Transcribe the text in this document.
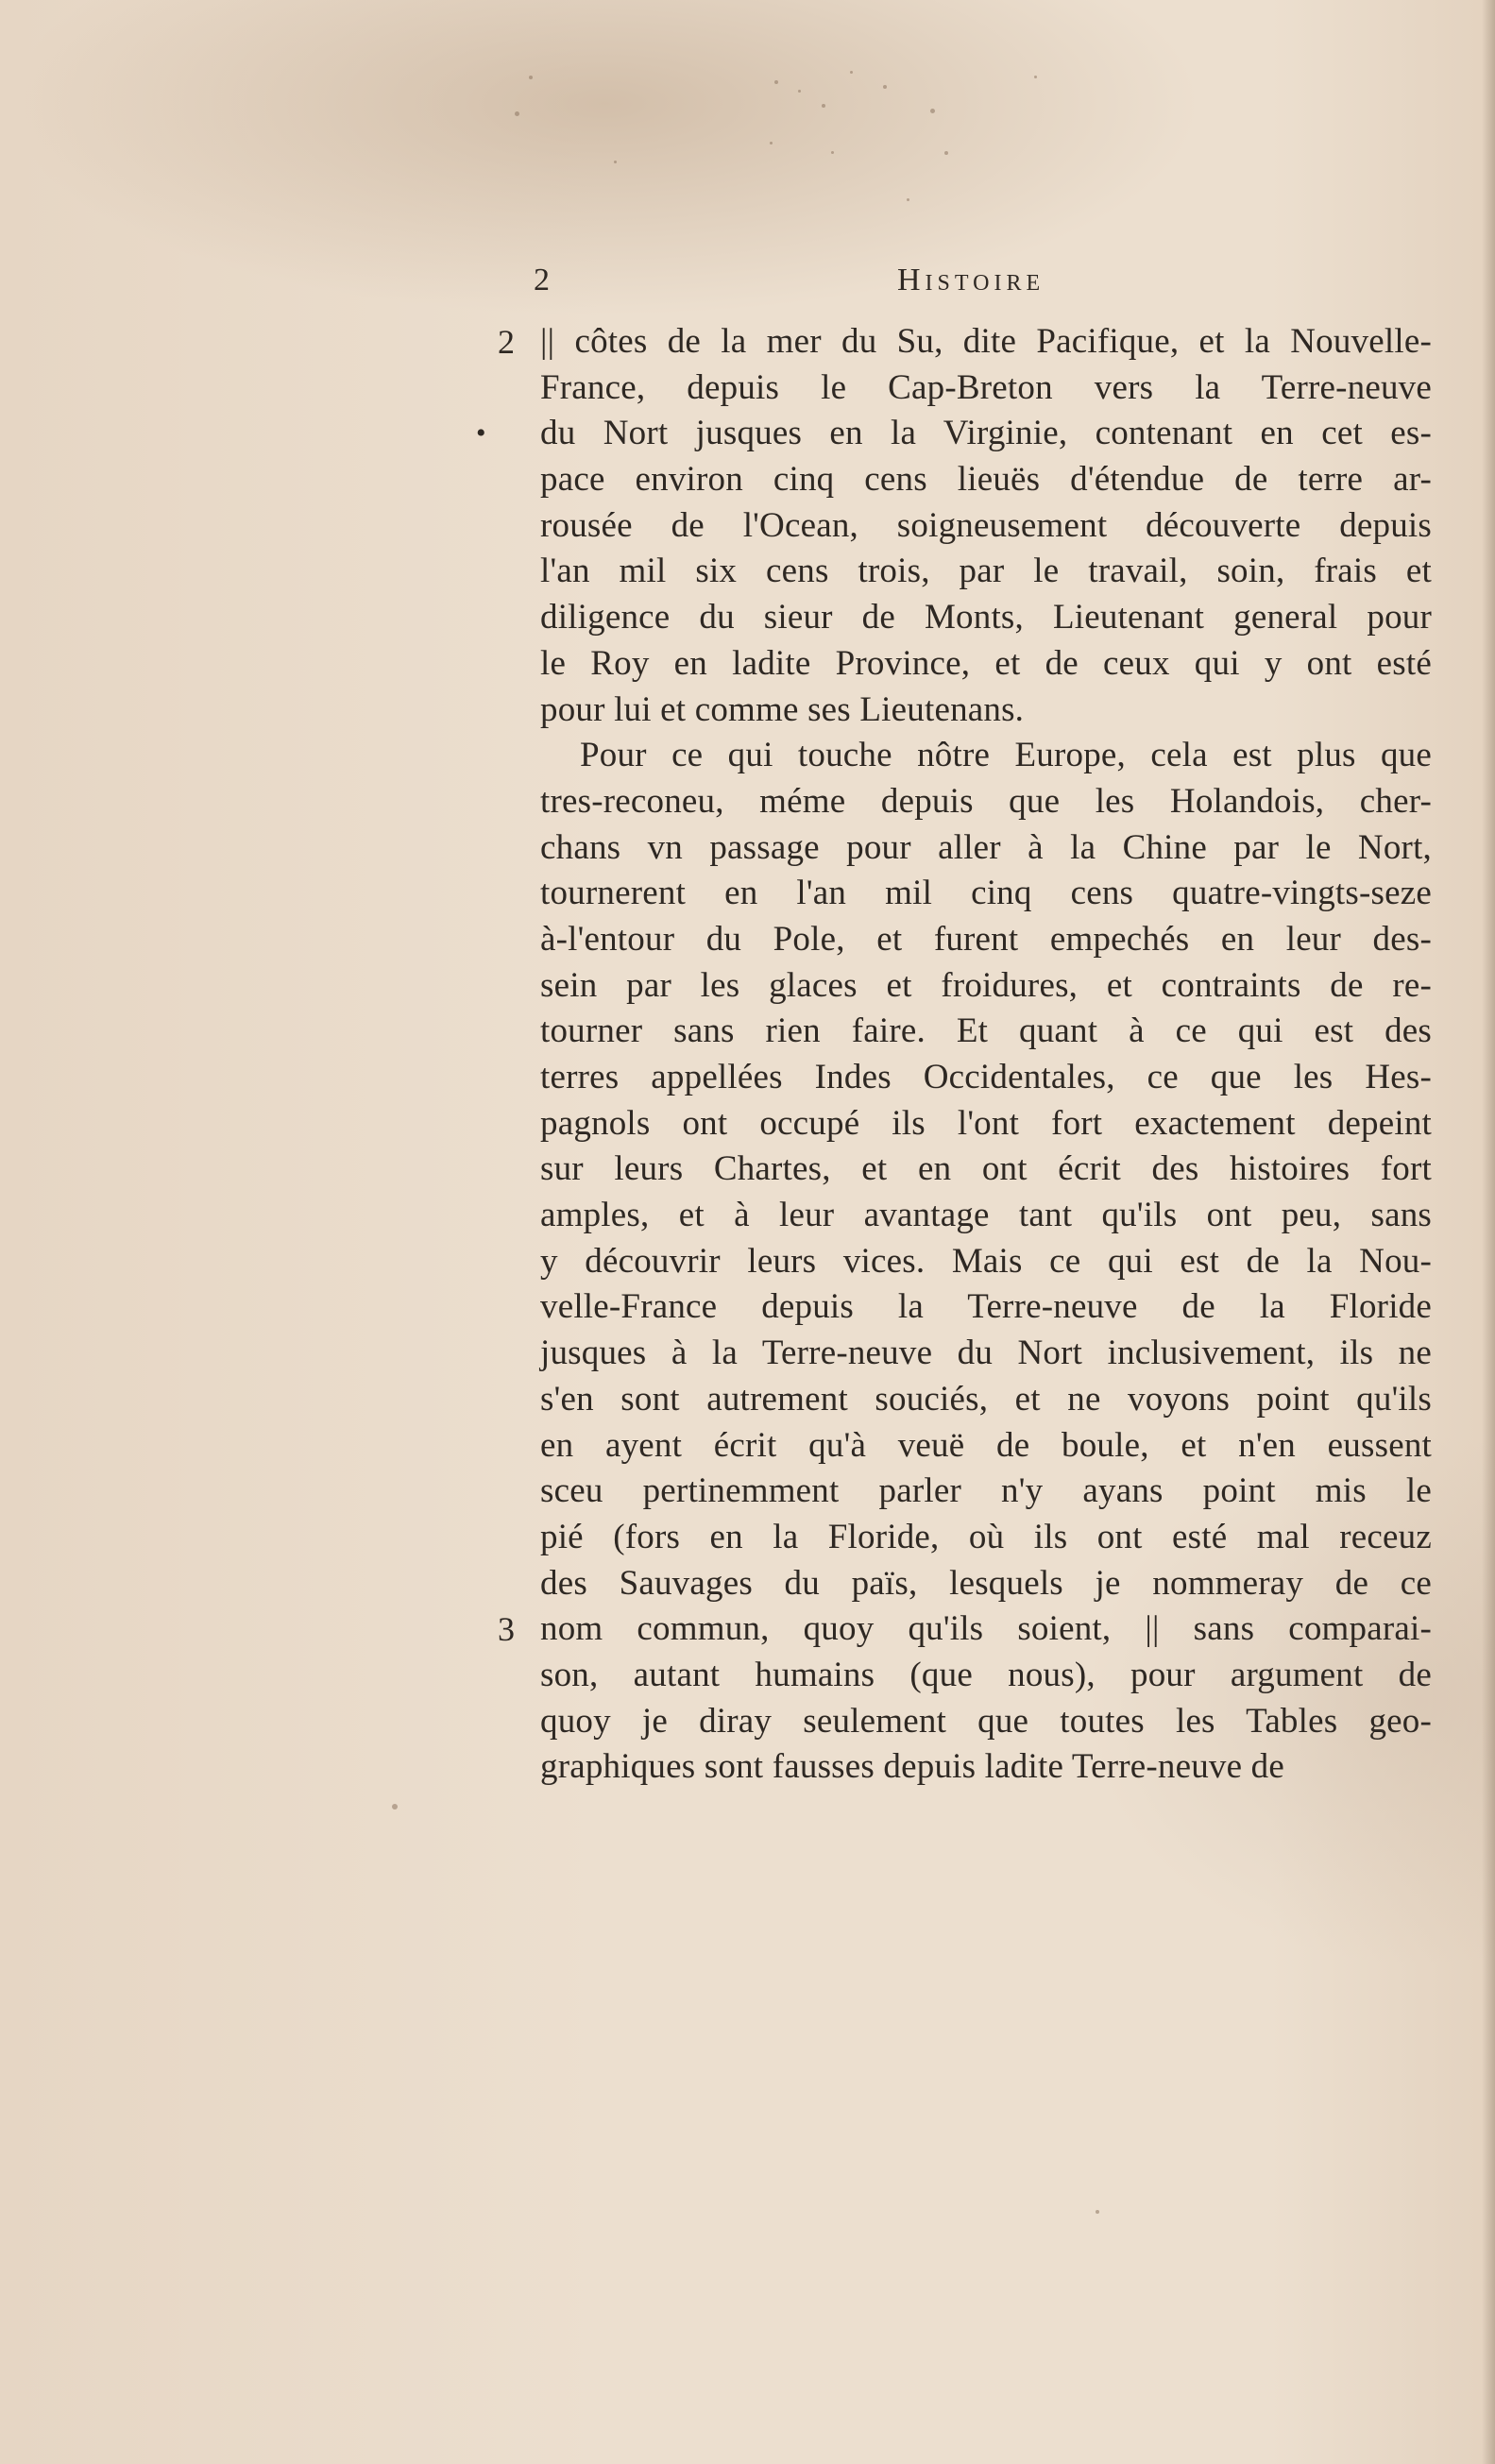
2	Histoire
2 || côtes de la mer du Su, dite Pacifique, et la Nouvelle-
France, depuis le Cap-Breton vers la Terre-neuve
• du Nort jusques en la Virginie, contenant en cet es-
pace environ cinq cens lieuës d'étendue de terre ar-
rousée de l'Ocean, soigneusement découverte depuis
l'an mil six cens trois, par le travail, soin, frais et
diligence du sieur de Monts, Lieutenant general pour
le Roy en ladite Province, et de ceux qui y ont esté
pour lui et comme ses Lieutenans.
Pour ce qui touche nôtre Europe, cela est plus que
tres-reconeu, méme depuis que les Holandois, cher-
chans vn passage pour aller à la Chine par le Nort,
tournerent en l'an mil cinq cens quatre-vingts-seze
à-l'entour du Pole, et furent empechés en leur des-
sein par les glaces et froidures, et contraints de re-
tourner sans rien faire. Et quant à ce qui est des
terres appellées Indes Occidentales, ce que les Hes-
pagnols ont occupé ils l'ont fort exactement depeint
sur leurs Chartes, et en ont écrit des histoires fort
amples, et à leur avantage tant qu'ils ont peu, sans
y découvrir leurs vices. Mais ce qui est de la Nou-
velle-France depuis la Terre-neuve de la Floride
jusques à la Terre-neuve du Nort inclusivement, ils ne
s'en sont autrement souciés, et ne voyons point qu'ils
en ayent écrit qu'à veuë de boule, et n'en eussent
sceu pertinemment parler n'y ayans point mis le
pié (fors en la Floride, où ils ont esté mal receuz
des Sauvages du païs, lesquels je nommeray de ce
3 nom commun, quoy qu'ils soient, || sans comparai-
son, autant humains (que nous), pour argument de
quoy je diray seulement que toutes les Tables geo-
graphiques sont fausses depuis ladite Terre-neuve de
